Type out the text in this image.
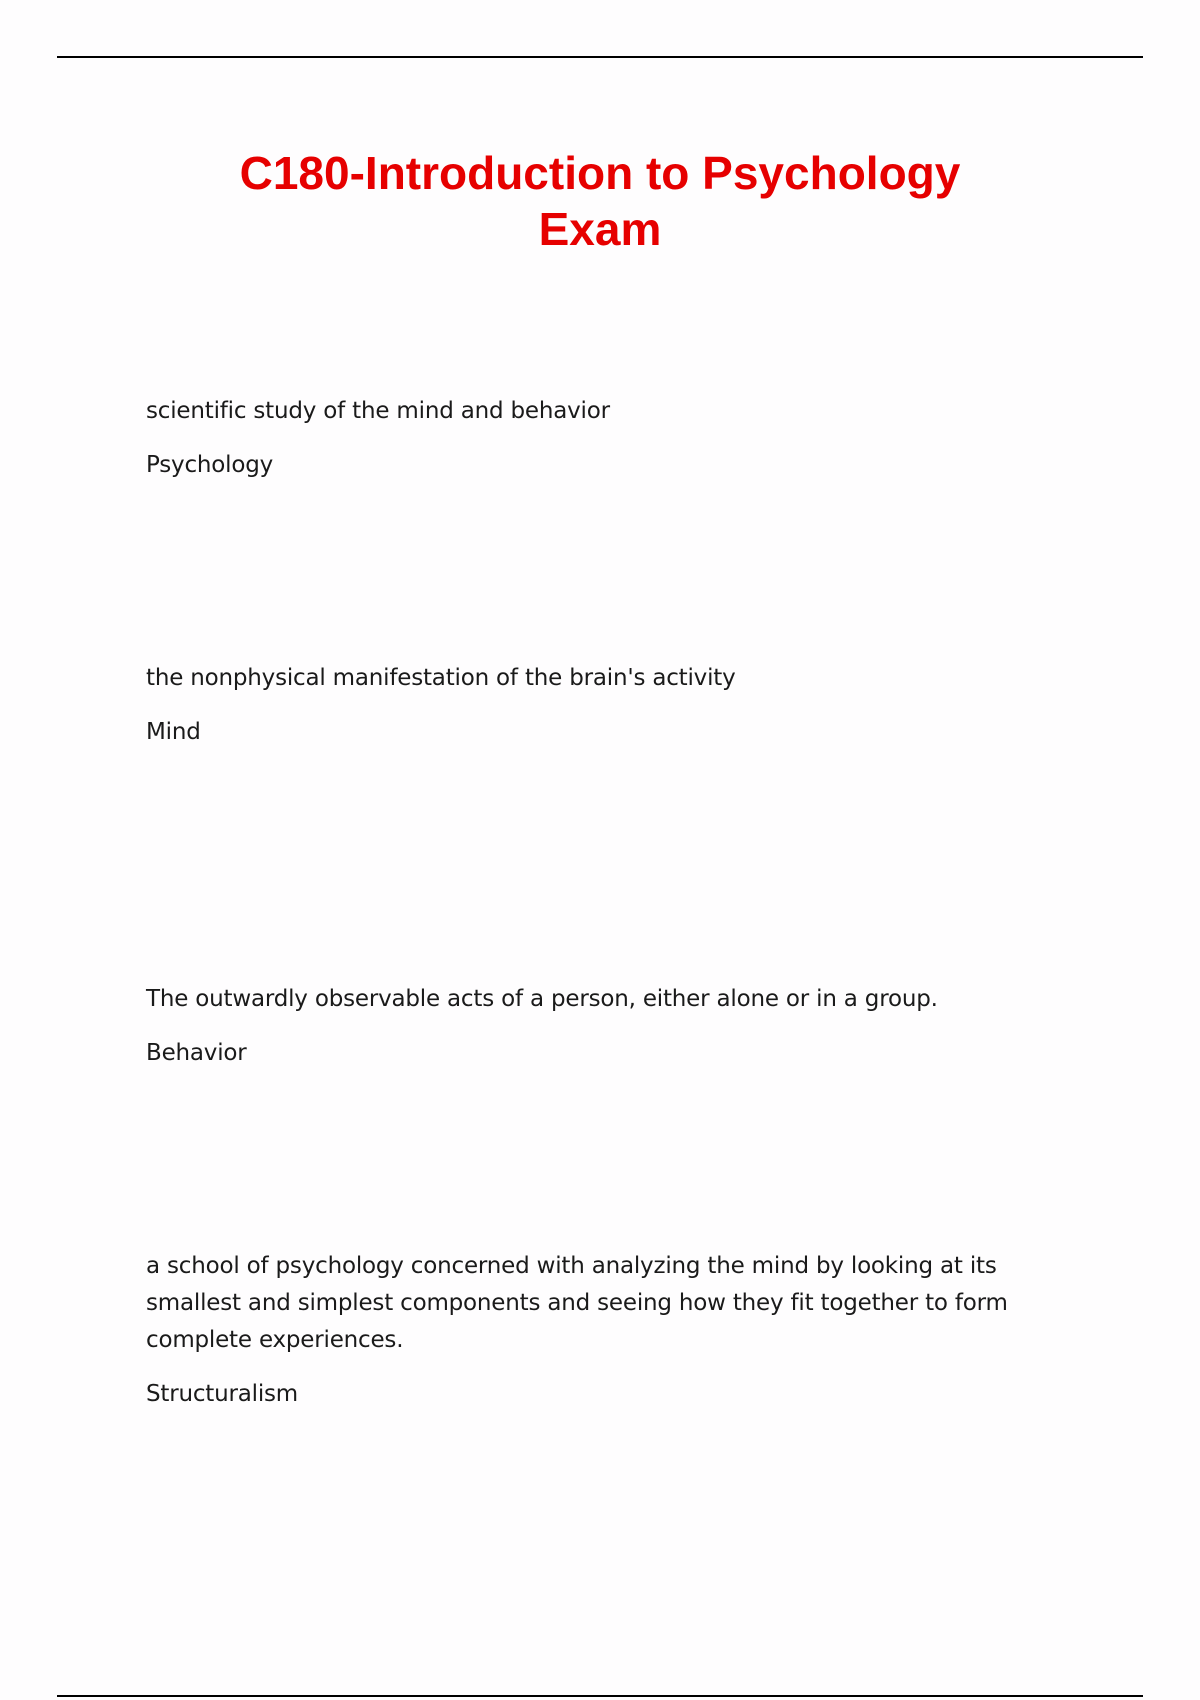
C180-Introduction to Psychology
Exam

scientific study of the mind and behavior

Psychology

the nonphysical manifestation of the brain's activity

Mind

The outwardly observable acts of a person, either alone or in a group.

Behavior

a school of psychology concerned with analyzing the mind by looking at its smallest and simplest components and seeing how they fit together to form complete experiences.

Structuralism
